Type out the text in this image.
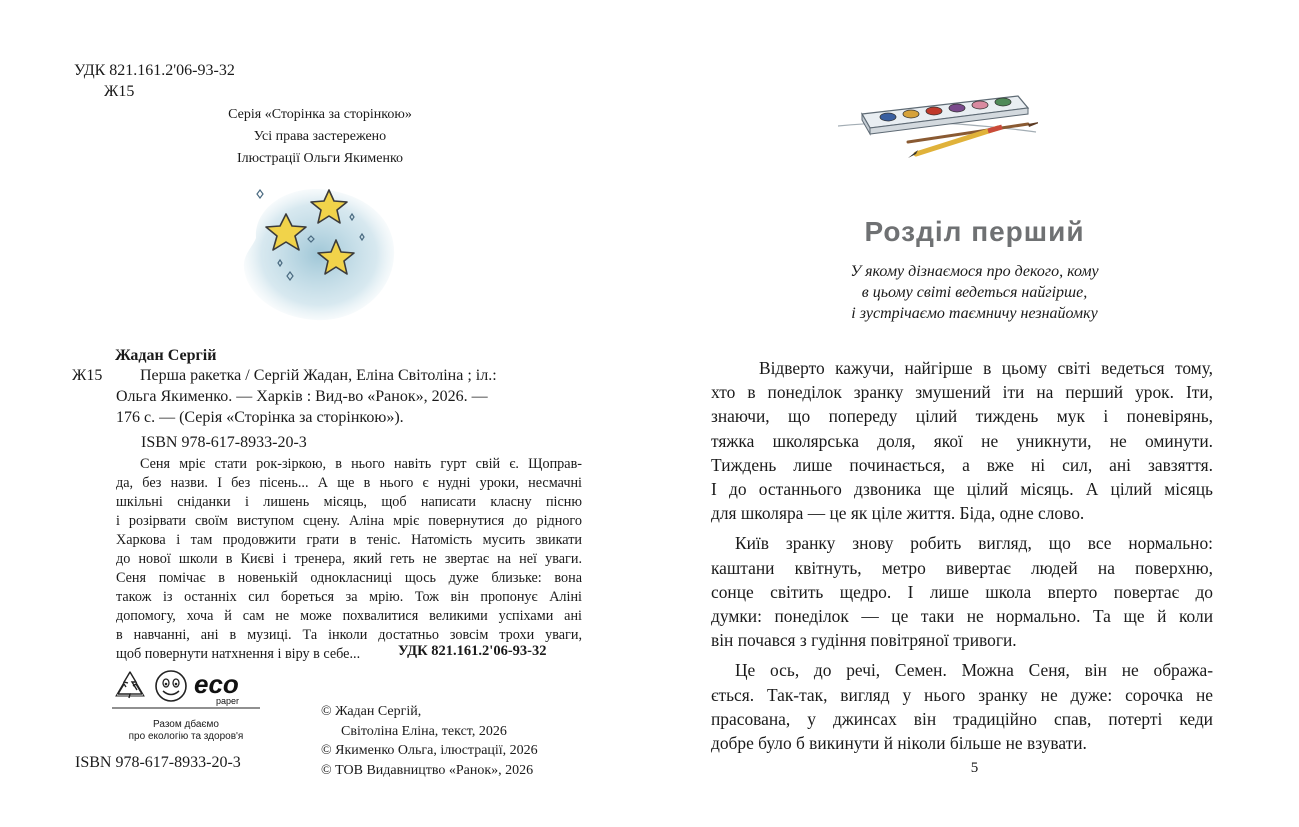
УДК 821.161.2'06-93-32

Ж15

Серія «Сторінка за сторінкою»
Усі права застережено
Ілюстрації Ольги Якименко

Жадан Сергій

Ж15	Перша ракетка / Сергій Жадан, Еліна Світоліна ; іл.:
Ольга Якименко. — Харків : Вид-во «Ранок», 2026. —
176 с. — (Серія «Сторінка за сторінкою»).

ISBN 978-617-8933-20-3

Сеня мріє стати рок-зіркою, в нього навіть гурт свій є. Щоправ-
да, без назви. І без пісень... А ще в нього є нудні уроки, несмачні
шкільні сніданки і лишень місяць, щоб написати класну пісню
і розірвати своїм виступом сцену. Аліна мріє повернутися до рідного
Харкова і там продовжити грати в теніс. Натомість мусить звикати
до нової школи в Києві і тренера, який геть не звертає на неї уваги.
Сеня помічає в новенькій однокласниці щось дуже близьке: вона
також із останніх сил бореться за мрію. Тож він пропонує Аліні
допомогу, хоча й сам не може похвалитися великими успіхами ані
в навчанні, ані в музиці. Та інколи достатньо зовсім трохи уваги,
щоб повернути натхнення і віру в себе...	УДК 821.161.2'06-93-32

eco
paper
Разом дбаємо
про екологію та здоров'я
© Жадан Сергій,
Світоліна Еліна, текст, 2026
© Якименко Ольга, ілюстрації, 2026
© ТОВ Видавництво «Ранок», 2026

ISBN 978-617-8933-20-3

Розділ перший
У якому дізнаємося про декого, кому
в цьому світі ведеться найгірше,
і зустрічаємо таємничу незнайомку
Відверто кажучи, найгірше в цьому світі ведеться тому,
хто в понеділок зранку змушений іти на перший урок. Іти,
знаючи, що попереду цілий тиждень мук і поневірянь,
тяжка школярська доля, якої не уникнути, не оминути.
Тиждень лише починається, а вже ні сил, ані завзяття.
І до останнього дзвоника ще цілий місяць. А цілий місяць
для школяра — це як ціле життя. Біда, одне слово.
Київ зранку знову робить вигляд, що все нормально:
каштани квітнуть, метро вивертає людей на поверхню,
сонце світить щедро. І лише школа вперто повертає до
думки: понеділок — це таки не нормально. Та ще й коли
він почався з гудіння повітряної тривоги.
Це ось, до речі, Семен. Можна Сеня, він не обража-
ється. Так-так, вигляд у нього зранку не дуже: сорочка не
прасована, у джинсах він традиційно спав, потерті кеди
добре було б викинути й ніколи більше не взувати.

5
